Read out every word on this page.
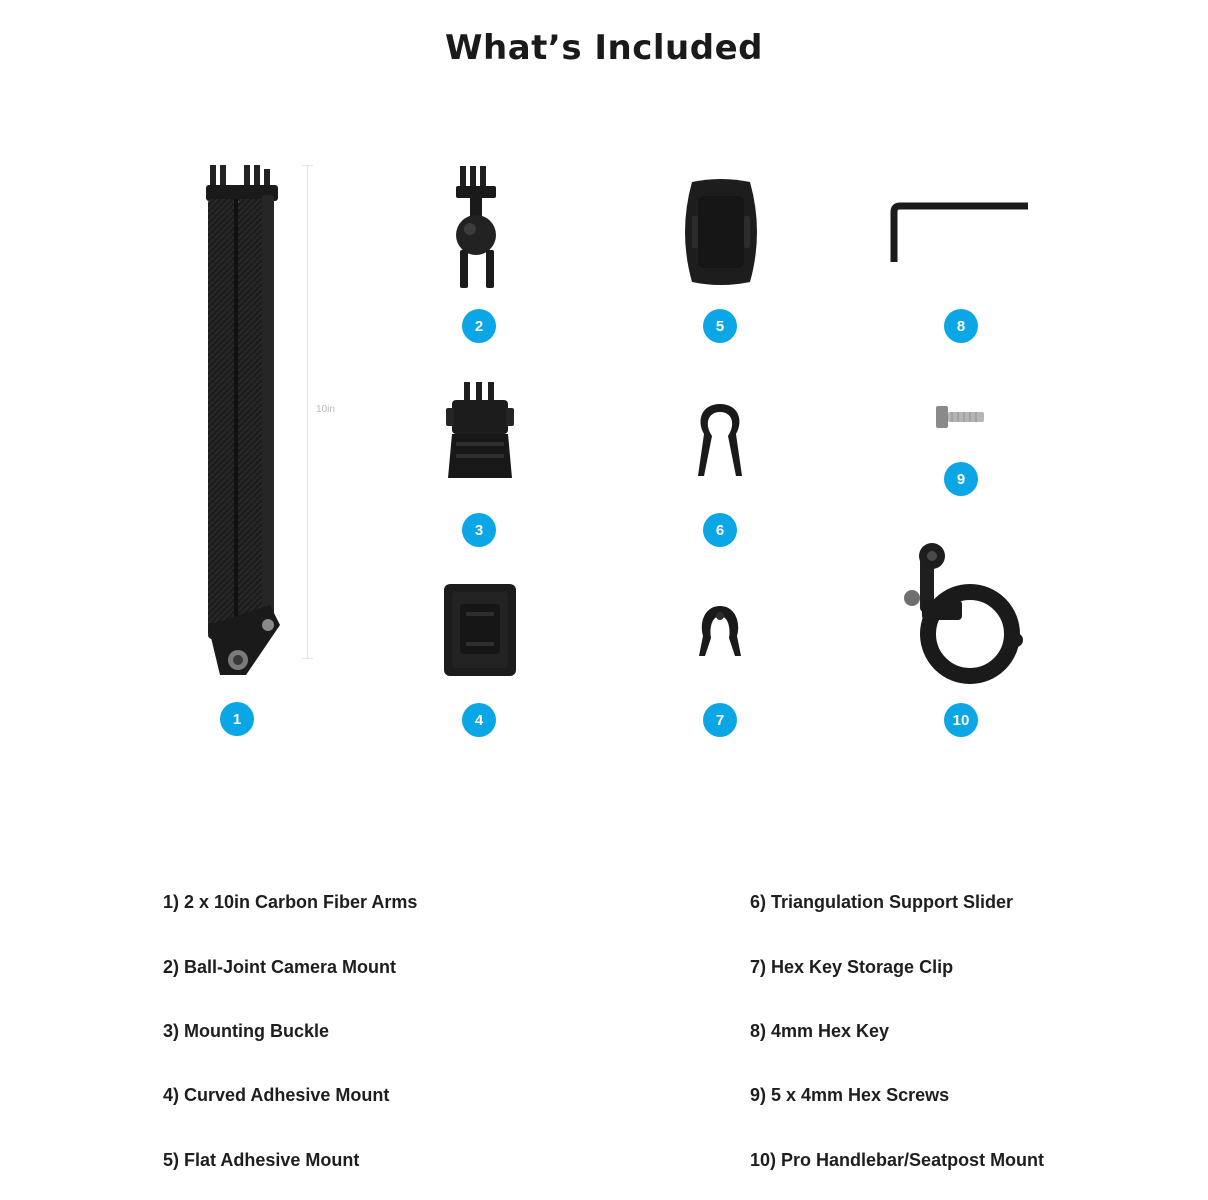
What’s Included
10in
1
2
3
4
5
6
7
8
9
10
1) 2 x 10in Carbon Fiber Arms
2) Ball-Joint Camera Mount
3) Mounting Buckle
4) Curved Adhesive Mount
5) Flat Adhesive Mount
6) Triangulation Support Slider
7) Hex Key Storage Clip
8) 4mm Hex Key
9) 5 x 4mm Hex Screws
10) Pro Handlebar/Seatpost Mount
